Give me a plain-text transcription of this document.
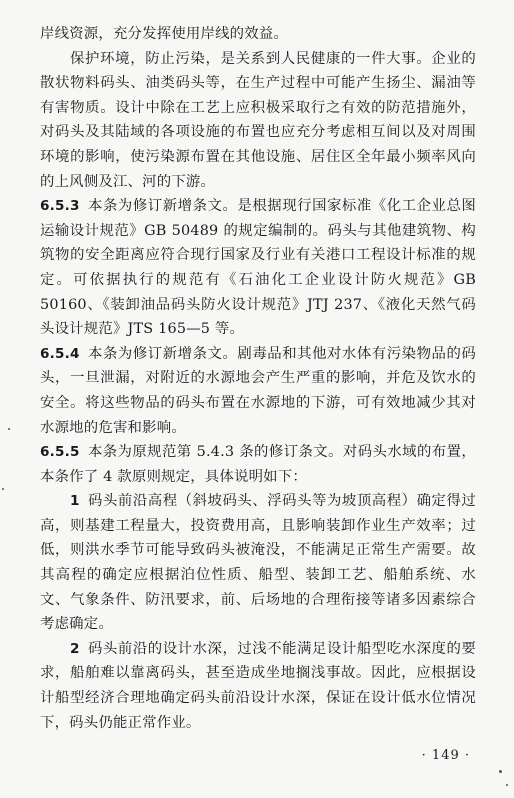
岸线资源，充分发挥使用岸线的效益。

保护环境，防止污染，是关系到人民健康的一件大事。企业的散状物料码头、油类码头等，在生产过程中可能产生扬尘、漏油等有害物质。设计中除在工艺上应积极采取行之有效的防范措施外，对码头及其陆域的各项设施的布置也应充分考虑相互间以及对周围环境的影响，使污染源布置在其他设施、居住区全年最小频率风向的上风侧及江、河的下游。

6.5.3 本条为修订新增条文。是根据现行国家标准《化工企业总图运输设计规范》GB 50489 的规定编制的。码头与其他建筑物、构筑物的安全距离应符合现行国家及行业有关港口工程设计标准的规定。可依据执行的规范有《石油化工企业设计防火规范》GB 50160、《装卸油品码头防火设计规范》JTJ 237、《液化天然气码头设计规范》JTS 165—5 等。

6.5.4 本条为修订新增条文。剧毒品和其他对水体有污染物品的码头，一旦泄漏，对附近的水源地会产生严重的影响，并危及饮水的安全。将这些物品的码头布置在水源地的下游，可有效地减少其对水源地的危害和影响。

6.5.5 本条为原规范第 5.4.3 条的修订条文。对码头水域的布置，本条作了 4 款原则规定，具体说明如下：

1 码头前沿高程（斜坡码头、浮码头等为坡顶高程）确定得过高，则基建工程量大，投资费用高，且影响装卸作业生产效率；过低，则洪水季节可能导致码头被淹没，不能满足正常生产需要。故其高程的确定应根据泊位性质、船型、装卸工艺、船舶系统、水文、气象条件、防汛要求，前、后场地的合理衔接等诸多因素综合考虑确定。

2 码头前沿的设计水深，过浅不能满足设计船型吃水深度的要求，船舶难以靠离码头，甚至造成坐地搁浅事故。因此，应根据设计船型经济合理地确定码头前沿设计水深，保证在设计低水位情况下，码头仍能正常作业。

· 149 ·
